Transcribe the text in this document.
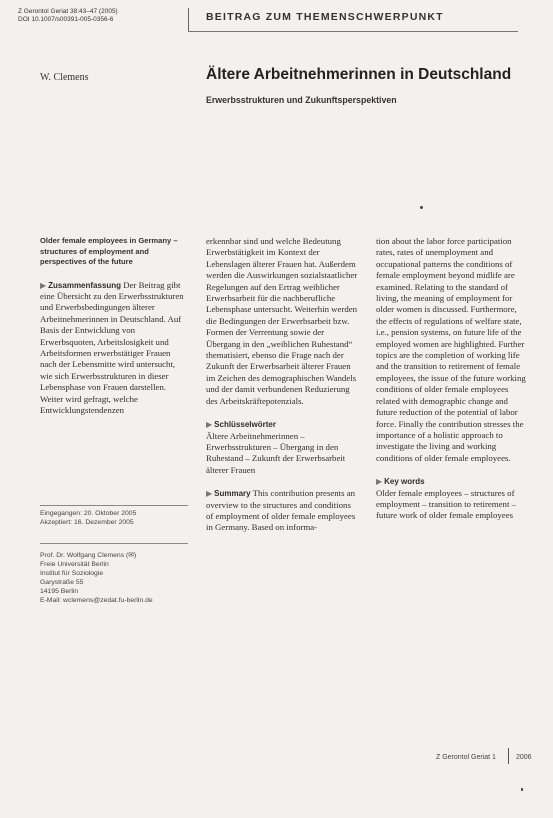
Z Gerontol Geriat 38:43–47 (2005)
DOI 10.1007/s00391-005-0356-6	BEITRAG ZUM THEMENSCHWERPUNKT
W. Clemens	Ältere Arbeitnehmerinnen in Deutschland
Erwerbsstrukturen und Zukunftsperspektiven
Older female employees in Germany – structures of employment and perspectives of the future

▶ Zusammenfassung Der Beitrag gibt eine Übersicht zu den Erwerbsstrukturen und Erwerbsbedingungen älterer Arbeitnehmerinnen in Deutschland. Auf Basis der Entwicklung von Erwerbsquoten, Arbeitslosigkeit und Arbeitsformen erwerbstätiger Frauen nach der Lebensmitte wird untersucht, wie sich Erwerbsstrukturen in dieser Lebensphase von Frauen darstellen. Weiter wird gefragt, welche Entwicklungstendenzen

erkennbar sind und welche Bedeutung Erwerbstätigkeit im Kontext der Lebenslagen älterer Frauen hat. Außerdem werden die Auswirkungen sozialstaatlicher Regelungen auf den Ertrag weiblicher Erwerbsarbeit für die nachberufliche Lebensphase untersucht. Weiterhin werden die Bedingungen der Erwerbsarbeit bzw. Formen der Verrentung sowie der Übergang in den „weiblichen Ruhestand“ thematisiert, ebenso die Frage nach der Zukunft der Erwerbsarbeit älterer Frauen im Zeichen des demographischen Wandels und der damit verbundenen Reduzierung des Arbeitskräftepotenzials.

▶ Schlüsselwörter
Ältere Arbeitnehmerinnen – Erwerbsstrukturen – Übergang in den Ruhestand – Zukunft der Erwerbsarbeit älterer Frauen

▶ Summary This contribution presents an overview to the structures and conditions of employment of older female employees in Germany. Based on informa-

tion about the labor force participation rates, rates of unemployment and occupational patterns the conditions of female employment beyond midlife are examined. Relating to the standard of living, the meaning of employment for older women is discussed. Furthermore, the effects of regulations of welfare state, i.e., pension systems, on future life of the employed women are highlighted. Further topics are the completion of working life and the transition to retirement of female employees, the issue of the future working conditions of older female employees related with demographic change and future reduction of the potential of labor force. Finally the contribution stresses the importance of a holistic approach to investigate the living and working conditions of older female employees.

▶ Key words
Older female employees – structures of employment – transition to retirement – future work of older female employees
Eingegangen: 20. Oktober 2005
Akzeptiert: 16. Dezember 2005
Prof. Dr. Wolfgang Clemens (✉)
Freie Universität Berlin
Institut für Soziologie
Garystraße 55
14195 Berlin
E-Mail: wclemens@zedat.fu-berlin.de
Z Gerontol Geriat 1	2006
